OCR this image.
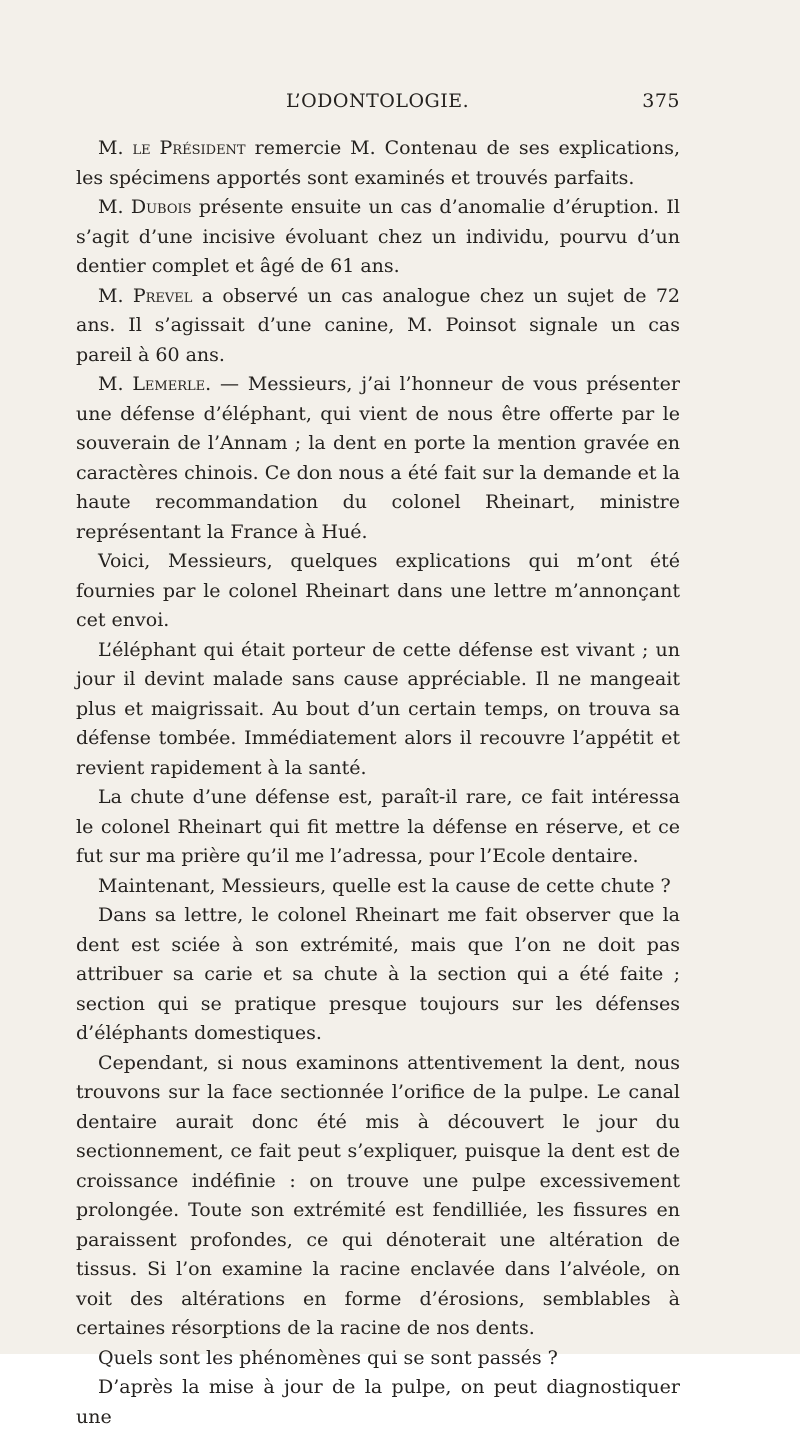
L’ODONTOLOGIE.	375

M. le Président remercie M. Contenau de ses explications, les spécimens apportés sont examinés et trouvés parfaits.

M. Dubois présente ensuite un cas d’anomalie d’éruption. Il s’agit d’une incisive évoluant chez un individu, pourvu d’un dentier complet et âgé de 61 ans.

M. Prevel a observé un cas analogue chez un sujet de 72 ans. Il s’agissait d’une canine, M. Poinsot signale un cas pareil à 60 ans.

M. Lemerle. — Messieurs, j’ai l’honneur de vous présenter une défense d’éléphant, qui vient de nous être offerte par le souverain de l’Annam ; la dent en porte la mention gravée en caractères chinois. Ce don nous a été fait sur la demande et la haute recommandation du colonel Rheinart, ministre représentant la France à Hué.

Voici, Messieurs, quelques explications qui m’ont été fournies par le colonel Rheinart dans une lettre m’annonçant cet envoi.

L’éléphant qui était porteur de cette défense est vivant ; un jour il devint malade sans cause appréciable. Il ne mangeait plus et maigrissait. Au bout d’un certain temps, on trouva sa défense tombée. Immédiatement alors il recouvre l’appétit et revient rapidement à la santé.

La chute d’une défense est, paraît-il rare, ce fait intéressa le colonel Rheinart qui fit mettre la défense en réserve, et ce fut sur ma prière qu’il me l’adressa, pour l’Ecole dentaire.

Maintenant, Messieurs, quelle est la cause de cette chute ?

Dans sa lettre, le colonel Rheinart me fait observer que la dent est sciée à son extrémité, mais que l’on ne doit pas attribuer sa carie et sa chute à la section qui a été faite ; section qui se pratique presque toujours sur les défenses d’éléphants domestiques.

Cependant, si nous examinons attentivement la dent, nous trouvons sur la face sectionnée l’orifice de la pulpe. Le canal dentaire aurait donc été mis à découvert le jour du sectionnement, ce fait peut s’expliquer, puisque la dent est de croissance indéfinie : on trouve une pulpe excessivement prolongée. Toute son extrémité est fendilliée, les fissures en paraissent profondes, ce qui dénoterait une altération de tissus. Si l’on examine la racine enclavée dans l’alvéole, on voit des altérations en forme d’érosions, semblables à certaines résorptions de la racine de nos dents.

Quels sont les phénomènes qui se sont passés ?

D’après la mise à jour de la pulpe, on peut diagnostiquer une
